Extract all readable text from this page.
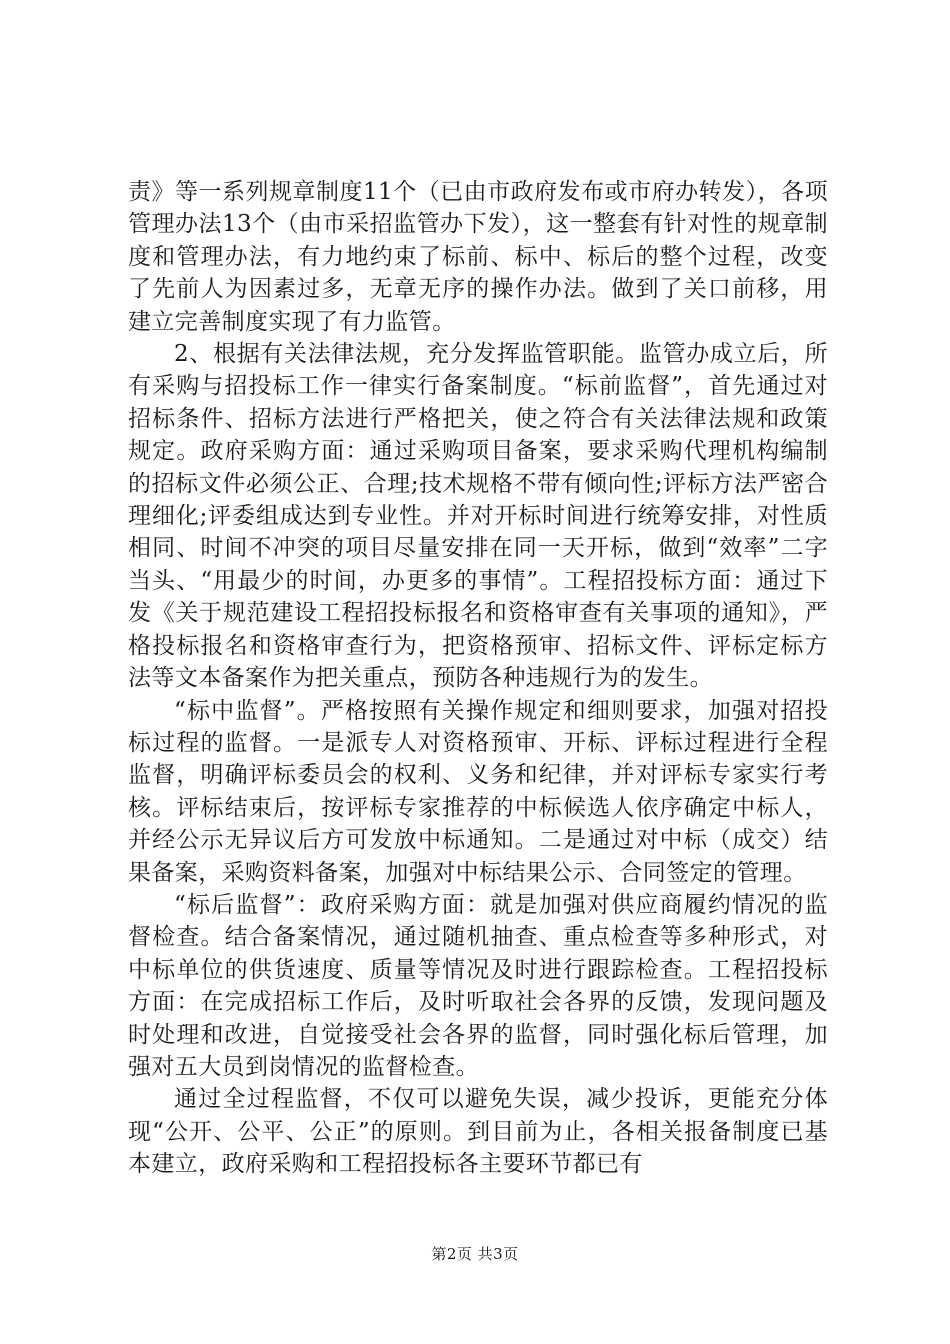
责》等一系列规章制度11个（已由市政府发布或市府办转发），各项管理办法13个（由市采招监管办下发），这一整套有针对性的规章制度和管理办法，有力地约束了标前、标中、标后的整个过程，改变了先前人为因素过多，无章无序的操作办法。做到了关口前移，用建立完善制度实现了有力监管。

2、根据有关法律法规，充分发挥监管职能。监管办成立后，所有采购与招投标工作一律实行备案制度。“标前监督”，首先通过对招标条件、招标方法进行严格把关，使之符合有关法律法规和政策规定。政府采购方面：通过采购项目备案，要求采购代理机构编制的招标文件必须公正、合理;技术规格不带有倾向性;评标方法严密合理细化;评委组成达到专业性。并对开标时间进行统筹安排，对性质相同、时间不冲突的项目尽量安排在同一天开标，做到“效率”二字当头、“用最少的时间，办更多的事情”。工程招投标方面：通过下发《关于规范建设工程招投标报名和资格审查有关事项的通知》，严格投标报名和资格审查行为，把资格预审、招标文件、评标定标方法等文本备案作为把关重点，预防各种违规行为的发生。

“标中监督”。严格按照有关操作规定和细则要求，加强对招投标过程的监督。一是派专人对资格预审、开标、评标过程进行全程监督，明确评标委员会的权利、义务和纪律，并对评标专家实行考核。评标结束后，按评标专家推荐的中标候选人依序确定中标人，并经公示无异议后方可发放中标通知。二是通过对中标（成交）结果备案，采购资料备案，加强对中标结果公示、合同签定的管理。

“标后监督”：政府采购方面：就是加强对供应商履约情况的监督检查。结合备案情况，通过随机抽查、重点检查等多种形式，对中标单位的供货速度、质量等情况及时进行跟踪检查。工程招投标方面：在完成招标工作后，及时听取社会各界的反馈，发现问题及时处理和改进，自觉接受社会各界的监督，同时强化标后管理，加强对五大员到岗情况的监督检查。

通过全过程监督，不仅可以避免失误，减少投诉，更能充分体现“公开、公平、公正”的原则。到目前为止，各相关报备制度已基本建立，政府采购和工程招投标各主要环节都已有

第2页 共3页
